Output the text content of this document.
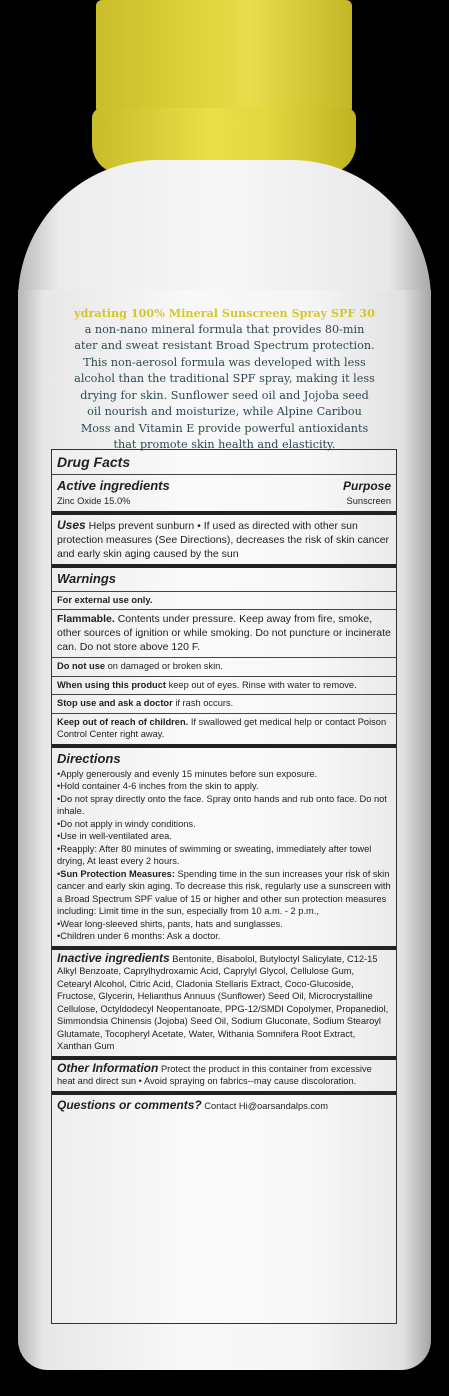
ydrating 100% Mineral Sunscreen Spray SPF 30
a non-nano mineral formula that provides 80-min
ater and sweat resistant Broad Spectrum protection.
This non-aerosol formula was developed with less
alcohol than the traditional SPF spray, making it less
drying for skin. Sunflower seed oil and Jojoba seed
oil nourish and moisturize, while Alpine Caribou
Moss and Vitamin E provide powerful antioxidants
that promote skin health and elasticity.
Drug Facts
Active ingredients	Purpose
Zinc Oxide 15.0%	Sunscreen
Uses Helps prevent sunburn • If used as directed with other sun protection measures (See Directions), decreases the risk of skin cancer and early skin aging caused by the sun
Warnings
For external use only.
Flammable. Contents under pressure. Keep away from fire, smoke, other sources of ignition or while smoking. Do not puncture or incinerate can. Do not store above 120 F.
Do not use on damaged or broken skin.
When using this product keep out of eyes. Rinse with water to remove.
Stop use and ask a doctor if rash occurs.
Keep out of reach of children. If swallowed get medical help or contact Poison Control Center right away.
Directions
• Apply generously and evenly 15 minutes before sun exposure.
• Hold container 4-6 inches from the skin to apply.
• Do not spray directly onto the face. Spray onto hands and rub onto face. Do not inhale.
• Do not apply in windy conditions.
• Use in well-ventilated area.
• Reapply: After 80 minutes of swimming or sweating, immediately after towel drying, At least every 2 hours.
• Sun Protection Measures: Spending time in the sun increases your risk of skin cancer and early skin aging. To decrease this risk, regularly use a sunscreen with a Broad Spectrum SPF value of 15 or higher and other sun protection measures including: Limit time in the sun, especially from 10 a.m. - 2 p.m.,
• Wear long-sleeved shirts, pants, hats and sunglasses.
• Children under 6 months: Ask a doctor.
Inactive ingredients Bentonite, Bisabolol, Butyloctyl Salicylate, C12-15 Alkyl Benzoate, Caprylhydroxamic Acid, Caprylyl Glycol, Cellulose Gum, Cetearyl Alcohol, Citric Acid, Cladonia Stellaris Extract, Coco-Glucoside, Fructose, Glycerin, Helianthus Annuus (Sunflower) Seed Oil, Microcrystalline Cellulose, Octyldodecyl Neopentanoate, PPG-12/SMDI Copolymer, Propanediol, Simmondsia Chinensis (Jojoba) Seed Oil, Sodium Gluconate, Sodium Stearoyl Glutamate, Tocopheryl Acetate, Water, Withania Somnifera Root Extract, Xanthan Gum
Other Information Protect the product in this container from excessive heat and direct sun • Avoid spraying on fabrics--may cause discoloration.
Questions or comments? Contact Hi@oarsandalps.com
